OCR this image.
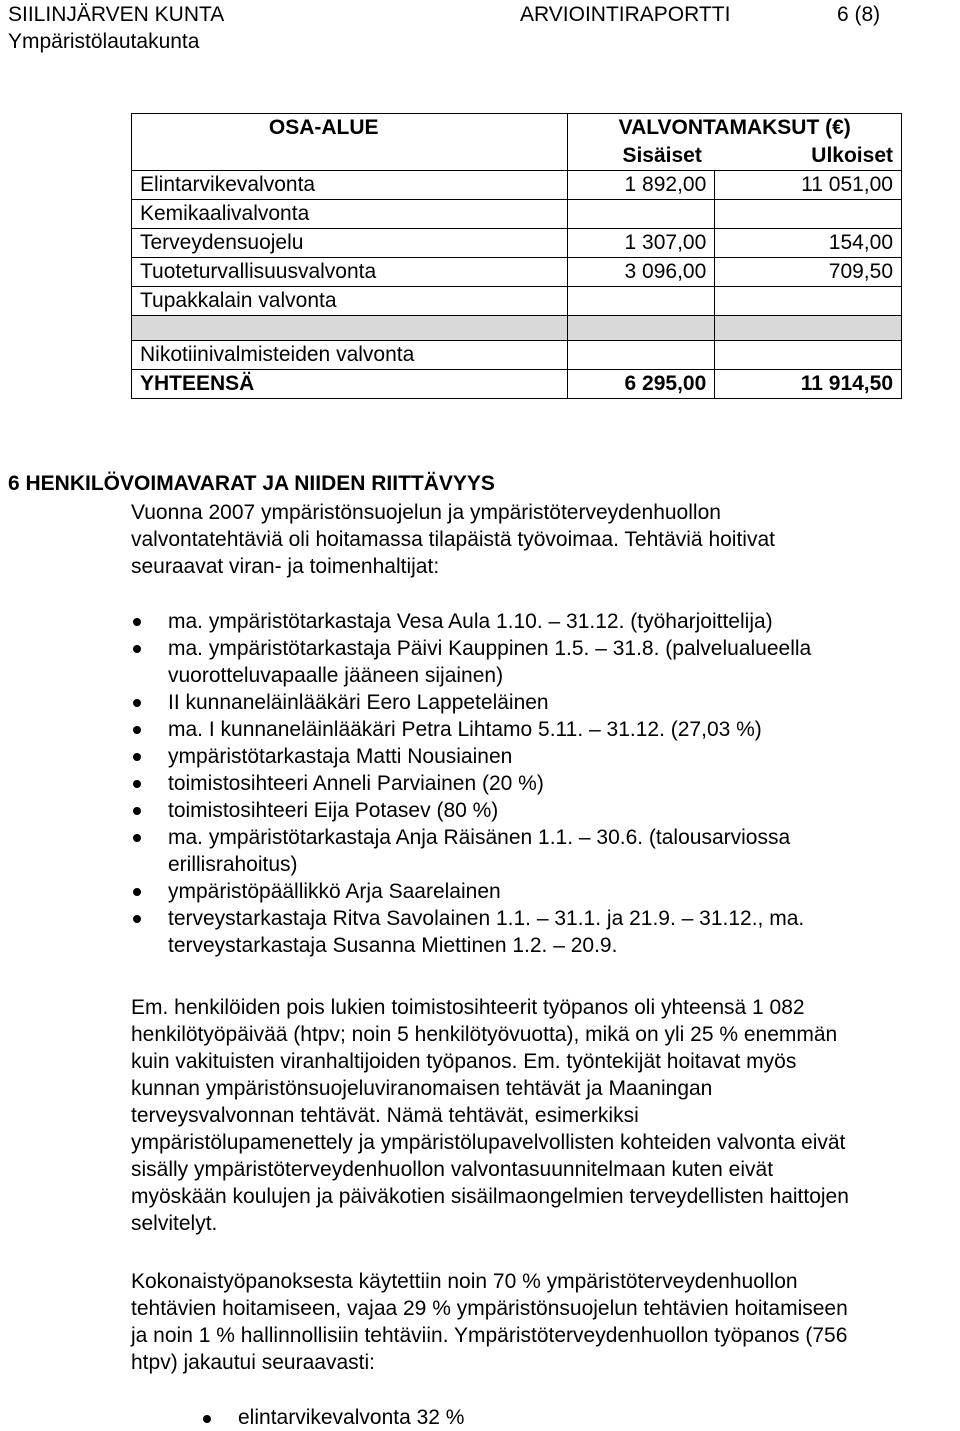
SIILINJÄRVEN KUNTA
Ympäristölautakunta
ARVIOINTIRAPORTTI	6 (8)
OSA-ALUE	VALVONTAMAKSUT (€)	

	Sisäiset Ulkoiset	

Elintarvikevalvonta	1 892,00	11 051,00
Kemikaalivalvonta		
Terveydensuojelu	1 307,00	154,00
Tuoteturvallisuusvalvonta	3 096,00	709,50
Tupakkalain valvonta		

Nikotiinivalmisteiden valvonta		
YHTEENSÄ	6 295,00	11 914,50
6 HENKILÖVOIMAVARAT JA NIIDEN RIITTÄVYYS
Vuonna 2007 ympäristönsuojelun ja ympäristöterveydenhuollon
valvontatehtäviä oli hoitamassa tilapäistä työvoimaa. Tehtäviä hoitivat
seuraavat viran- ja toimenhaltijat:
ma. ympäristötarkastaja Vesa Aula 1.10. – 31.12. (työharjoittelija)
ma. ympäristötarkastaja Päivi Kauppinen 1.5. – 31.8. (palvelualueella vuorotteluvapaalle jääneen sijainen)
II kunnaneläinlääkäri Eero Lappeteläinen
ma. I kunnaneläinlääkäri Petra Lihtamo 5.11. – 31.12. (27,03 %)
ympäristötarkastaja Matti Nousiainen
toimistosihteeri Anneli Parviainen (20 %)
toimistosihteeri Eija Potasev (80 %)
ma. ympäristötarkastaja Anja Räisänen 1.1. – 30.6. (talousarviossa erillisrahoitus)
ympäristöpäällikkö Arja Saarelainen
terveystarkastaja Ritva Savolainen 1.1. – 31.1. ja 21.9. – 31.12., ma. terveystarkastaja Susanna Miettinen 1.2. – 20.9.
Em. henkilöiden pois lukien toimistosihteerit työpanos oli yhteensä 1 082
henkilötyöpäivää (htpv; noin 5 henkilötyövuotta), mikä on yli 25 % enemmän
kuin vakituisten viranhaltijoiden työpanos. Em. työntekijät hoitavat myös
kunnan ympäristönsuojeluviranomaisen tehtävät ja Maaningan
terveysvalvonnan tehtävät. Nämä tehtävät, esimerkiksi
ympäristölupamenettely ja ympäristölupavelvollisten kohteiden valvonta eivät
sisälly ympäristöterveydenhuollon valvontasuunnitelmaan kuten eivät
myöskään koulujen ja päiväkotien sisäilmaongelmien terveydellisten haittojen
selvitelyt.
Kokonaistyöpanoksesta käytettiin noin 70 % ympäristöterveydenhuollon
tehtävien hoitamiseen, vajaa 29 % ympäristönsuojelun tehtävien hoitamiseen
ja noin 1 % hallinnollisiin tehtäviin. Ympäristöterveydenhuollon työpanos (756
htpv) jakautui seuraavasti:
elintarvikevalvonta 32 %
